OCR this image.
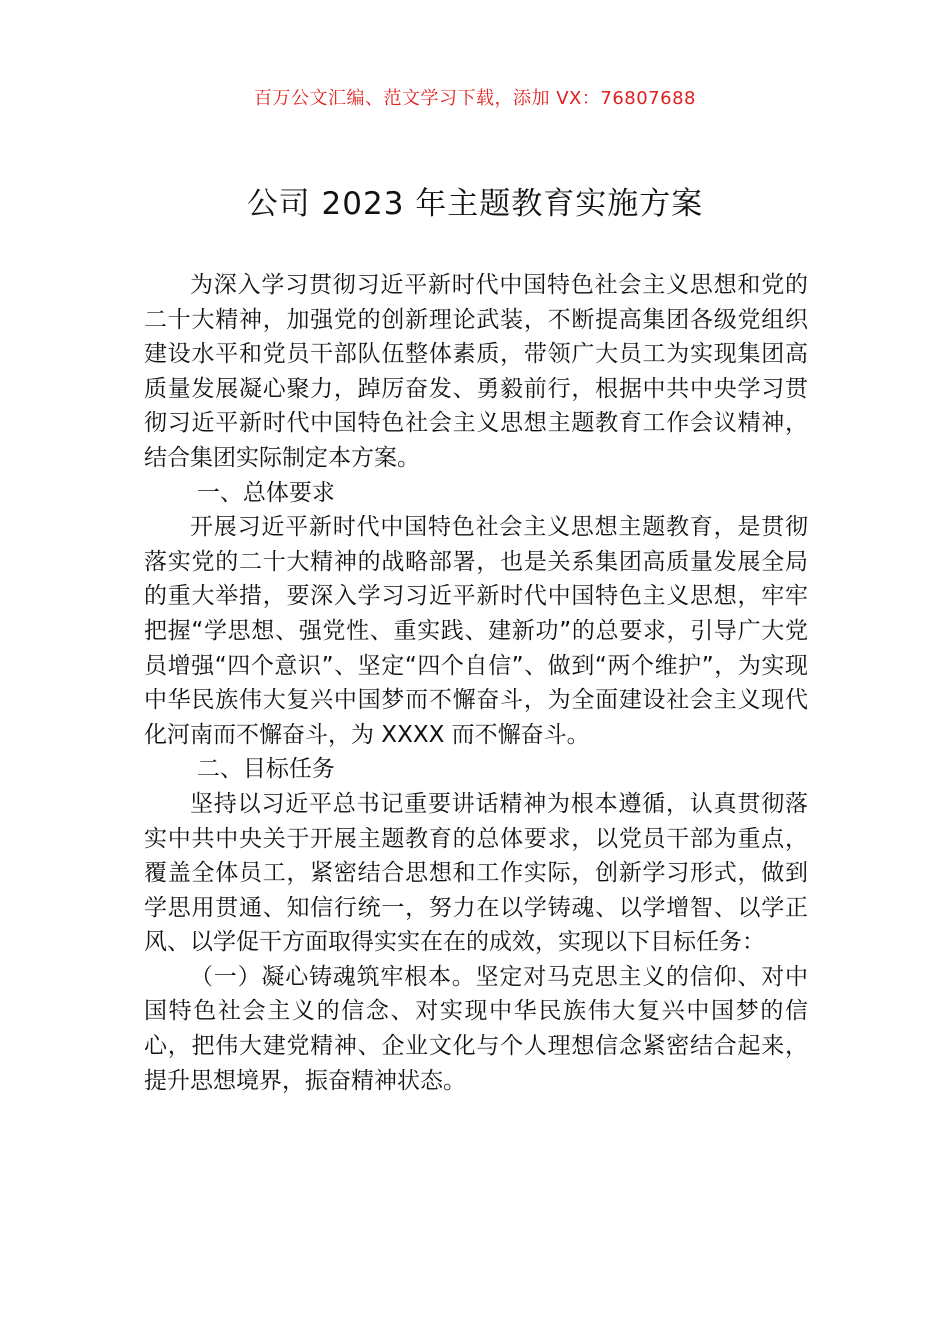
百万公文汇编、范文学习下载，添加 VX：76807688
公司 2023 年主题教育实施方案

为深入学习贯彻习近平新时代中国特色社会主义思想和党的二十大精神，加强党的创新理论武装，不断提高集团各级党组织建设水平和党员干部队伍整体素质，带领广大员工为实现集团高质量发展凝心聚力，踔厉奋发、勇毅前行，根据中共中央学习贯彻习近平新时代中国特色社会主义思想主题教育工作会议精神，结合集团实际制定本方案。

一、总体要求

开展习近平新时代中国特色社会主义思想主题教育，是贯彻落实党的二十大精神的战略部署，也是关系集团高质量发展全局的重大举措，要深入学习习近平新时代中国特色主义思想，牢牢把握“学思想、强党性、重实践、建新功”的总要求，引导广大党员增强“四个意识”、坚定“四个自信”、做到“两个维护”，为实现中华民族伟大复兴中国梦而不懈奋斗，为全面建设社会主义现代化河南而不懈奋斗，为 XXXX 而不懈奋斗。

二、目标任务

坚持以习近平总书记重要讲话精神为根本遵循，认真贯彻落实中共中央关于开展主题教育的总体要求，以党员干部为重点，覆盖全体员工，紧密结合思想和工作实际，创新学习形式，做到学思用贯通、知信行统一，努力在以学铸魂、以学增智、以学正风、以学促干方面取得实实在在的成效，实现以下目标任务：

（一）凝心铸魂筑牢根本。坚定对马克思主义的信仰、对中国特色社会主义的信念、对实现中华民族伟大复兴中国梦的信心，把伟大建党精神、企业文化与个人理想信念紧密结合起来，提升思想境界，振奋精神状态。
